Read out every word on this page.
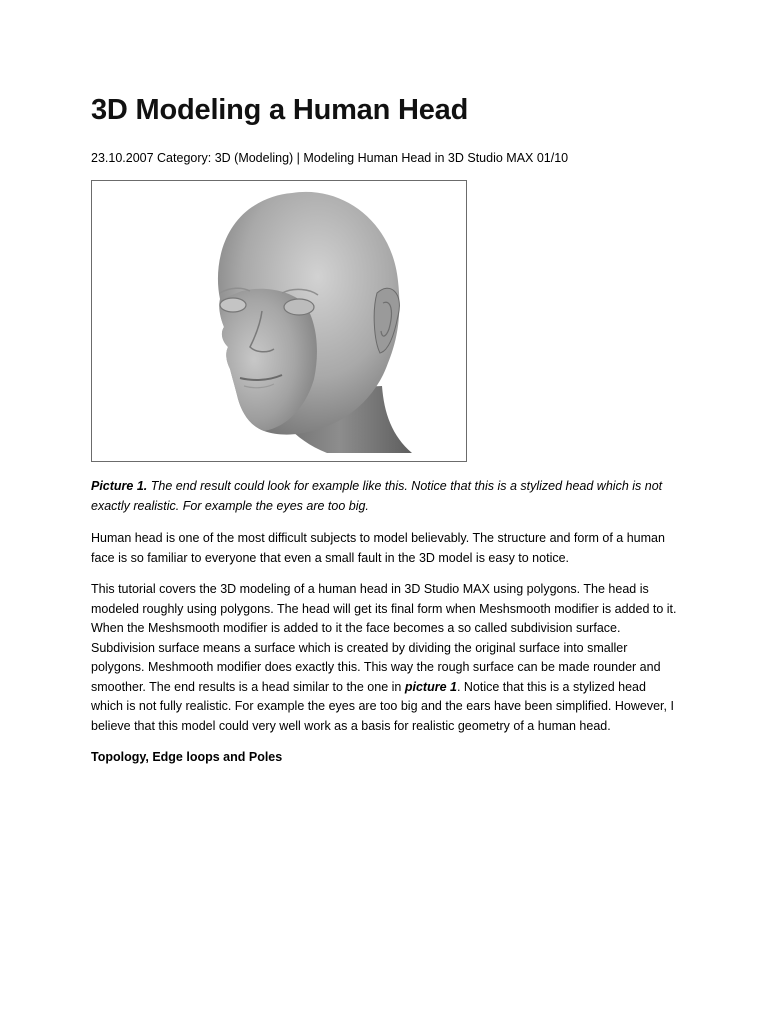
3D Modeling a Human Head
23.10.2007 Category: 3D (Modeling) | Modeling Human Head in 3D Studio MAX 01/10
Picture 1. The end result could look for example like this. Notice that this is a stylized head which is not exactly realistic. For example the eyes are too big.

Human head is one of the most difficult subjects to model believably. The structure and form of a human face is so familiar to everyone that even a small fault in the 3D model is easy to notice.

This tutorial covers the 3D modeling of a human head in 3D Studio MAX using polygons. The head is modeled roughly using polygons. The head will get its final form when Meshsmooth modifier is added to it. When the Meshsmooth modifier is added to it the face becomes a so called subdivision surface. Subdivision surface means a surface which is created by dividing the original surface into smaller polygons. Meshmooth modifier does exactly this. This way the rough surface can be made rounder and smoother. The end results is a head similar to the one in picture 1. Notice that this is a stylized head which is not fully realistic. For example the eyes are too big and the ears have been simplified. However, I believe that this model could very well work as a basis for realistic geometry of a human head.

Topology, Edge loops and Poles
